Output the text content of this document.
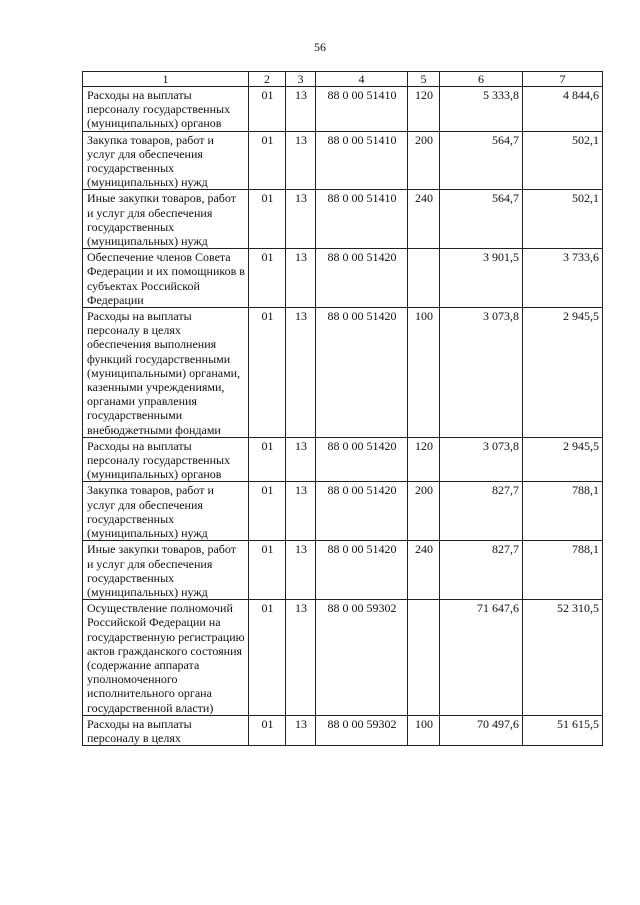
56
1	2	3	4	5	6	7
Расходы на выплаты персоналу государственных (муниципальных) органов	01	13	88 0 00 51410	120	5 333,8	4 844,6
Закупка товаров, работ и услуг для обеспечения государственных (муниципальных) нужд	01	13	88 0 00 51410	200	564,7	502,1
Иные закупки товаров, работ и услуг для обеспечения государственных (муниципальных) нужд	01	13	88 0 00 51410	240	564,7	502,1
Обеспечение членов Совета Федерации и их помощников в субъектах Российской Федерации	01	13	88 0 00 51420		3 901,5	3 733,6
Расходы на выплаты персоналу в целях обеспечения выполнения функций государственными (муниципальными) органами, казенными учреждениями, органами управления государственными внебюджетными фондами	01	13	88 0 00 51420	100	3 073,8	2 945,5
Расходы на выплаты персоналу государственных (муниципальных) органов	01	13	88 0 00 51420	120	3 073,8	2 945,5
Закупка товаров, работ и услуг для обеспечения государственных (муниципальных) нужд	01	13	88 0 00 51420	200	827,7	788,1
Иные закупки товаров, работ и услуг для обеспечения государственных (муниципальных) нужд	01	13	88 0 00 51420	240	827,7	788,1
Осуществление полномочий Российской Федерации на государственную регистрацию актов гражданского состояния (содержание аппарата уполномоченного исполнительного органа государственной власти)	01	13	88 0 00 59302		71 647,6	52 310,5
Расходы на выплаты персоналу в целях	01	13	88 0 00 59302	100	70 497,6	51 615,5
